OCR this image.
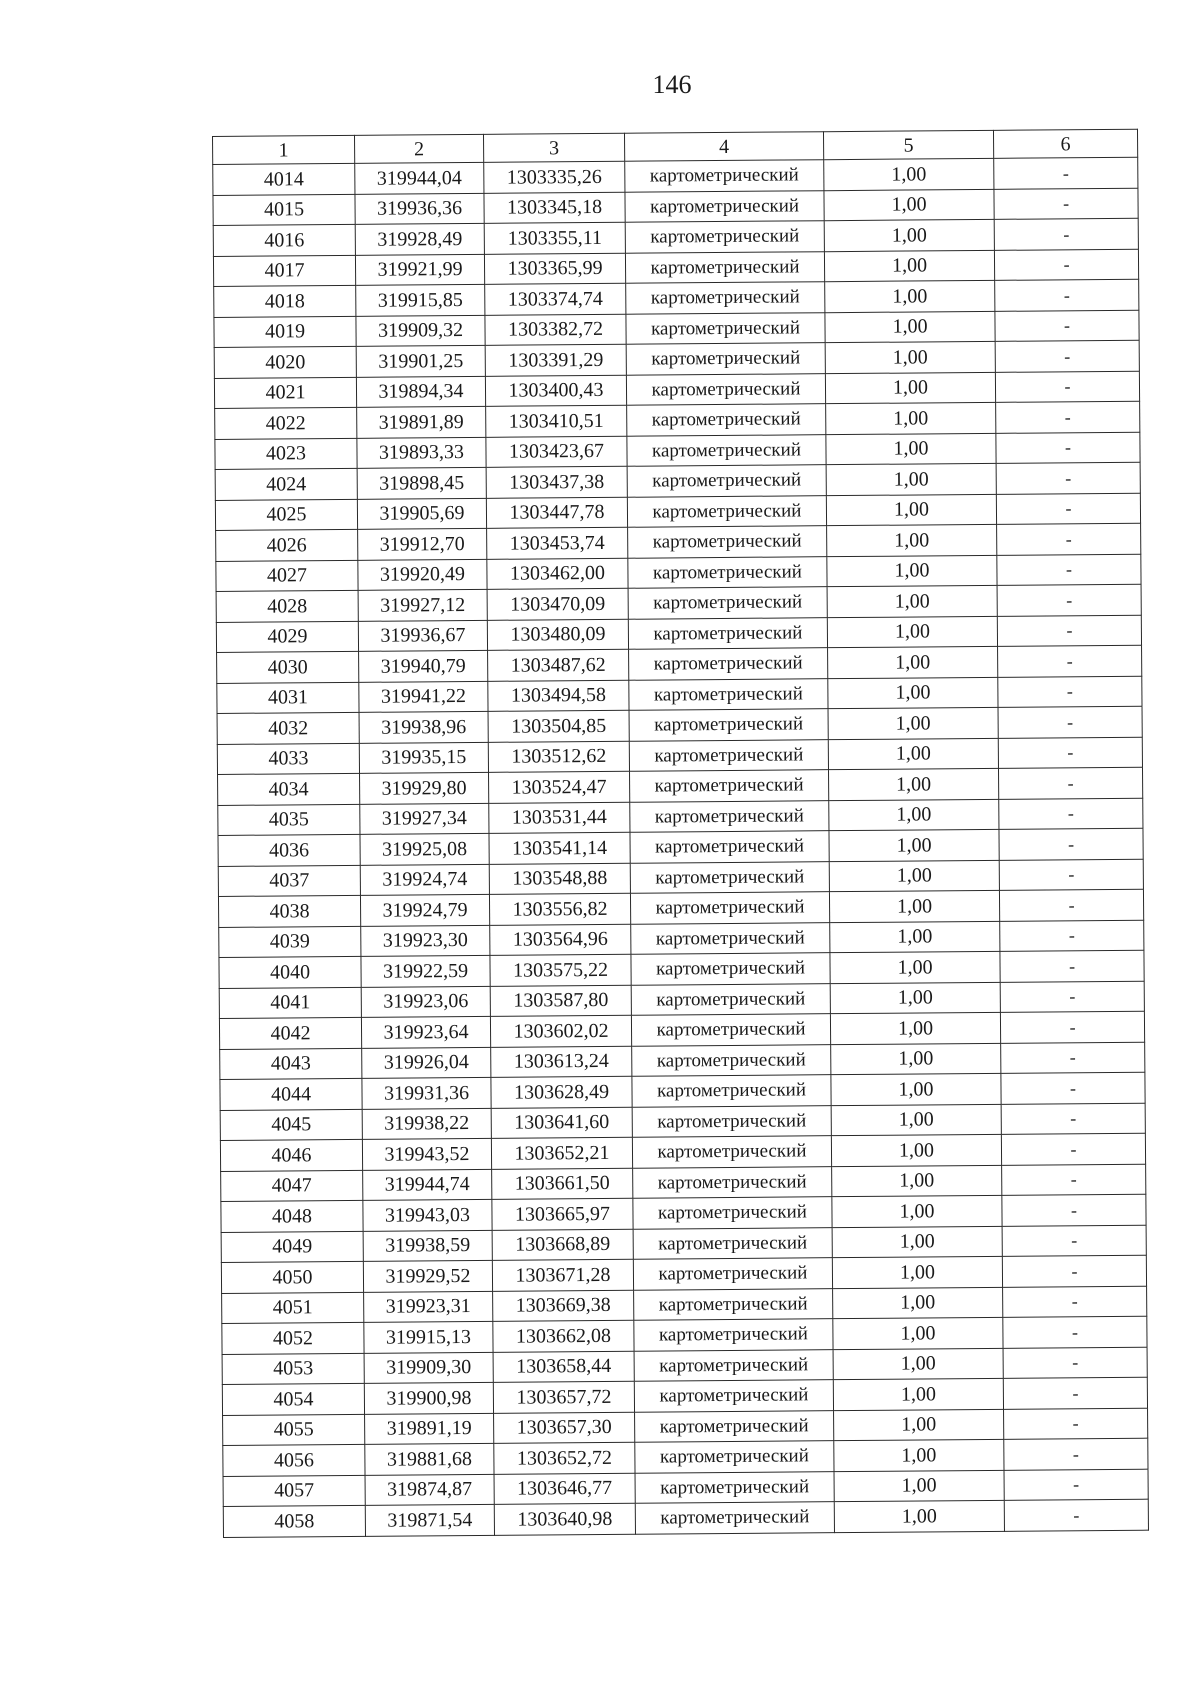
146
1	2	3	4	5	6
4014	319944,04	1303335,26	картометрический	1,00	-
4015	319936,36	1303345,18	картометрический	1,00	-
4016	319928,49	1303355,11	картометрический	1,00	-
4017	319921,99	1303365,99	картометрический	1,00	-
4018	319915,85	1303374,74	картометрический	1,00	-
4019	319909,32	1303382,72	картометрический	1,00	-
4020	319901,25	1303391,29	картометрический	1,00	-
4021	319894,34	1303400,43	картометрический	1,00	-
4022	319891,89	1303410,51	картометрический	1,00	-
4023	319893,33	1303423,67	картометрический	1,00	-
4024	319898,45	1303437,38	картометрический	1,00	-
4025	319905,69	1303447,78	картометрический	1,00	-
4026	319912,70	1303453,74	картометрический	1,00	-
4027	319920,49	1303462,00	картометрический	1,00	-
4028	319927,12	1303470,09	картометрический	1,00	-
4029	319936,67	1303480,09	картометрический	1,00	-
4030	319940,79	1303487,62	картометрический	1,00	-
4031	319941,22	1303494,58	картометрический	1,00	-
4032	319938,96	1303504,85	картометрический	1,00	-
4033	319935,15	1303512,62	картометрический	1,00	-
4034	319929,80	1303524,47	картометрический	1,00	-
4035	319927,34	1303531,44	картометрический	1,00	-
4036	319925,08	1303541,14	картометрический	1,00	-
4037	319924,74	1303548,88	картометрический	1,00	-
4038	319924,79	1303556,82	картометрический	1,00	-
4039	319923,30	1303564,96	картометрический	1,00	-
4040	319922,59	1303575,22	картометрический	1,00	-
4041	319923,06	1303587,80	картометрический	1,00	-
4042	319923,64	1303602,02	картометрический	1,00	-
4043	319926,04	1303613,24	картометрический	1,00	-
4044	319931,36	1303628,49	картометрический	1,00	-
4045	319938,22	1303641,60	картометрический	1,00	-
4046	319943,52	1303652,21	картометрический	1,00	-
4047	319944,74	1303661,50	картометрический	1,00	-
4048	319943,03	1303665,97	картометрический	1,00	-
4049	319938,59	1303668,89	картометрический	1,00	-
4050	319929,52	1303671,28	картометрический	1,00	-
4051	319923,31	1303669,38	картометрический	1,00	-
4052	319915,13	1303662,08	картометрический	1,00	-
4053	319909,30	1303658,44	картометрический	1,00	-
4054	319900,98	1303657,72	картометрический	1,00	-
4055	319891,19	1303657,30	картометрический	1,00	-
4056	319881,68	1303652,72	картометрический	1,00	-
4057	319874,87	1303646,77	картометрический	1,00	-
4058	319871,54	1303640,98	картометрический	1,00	-
